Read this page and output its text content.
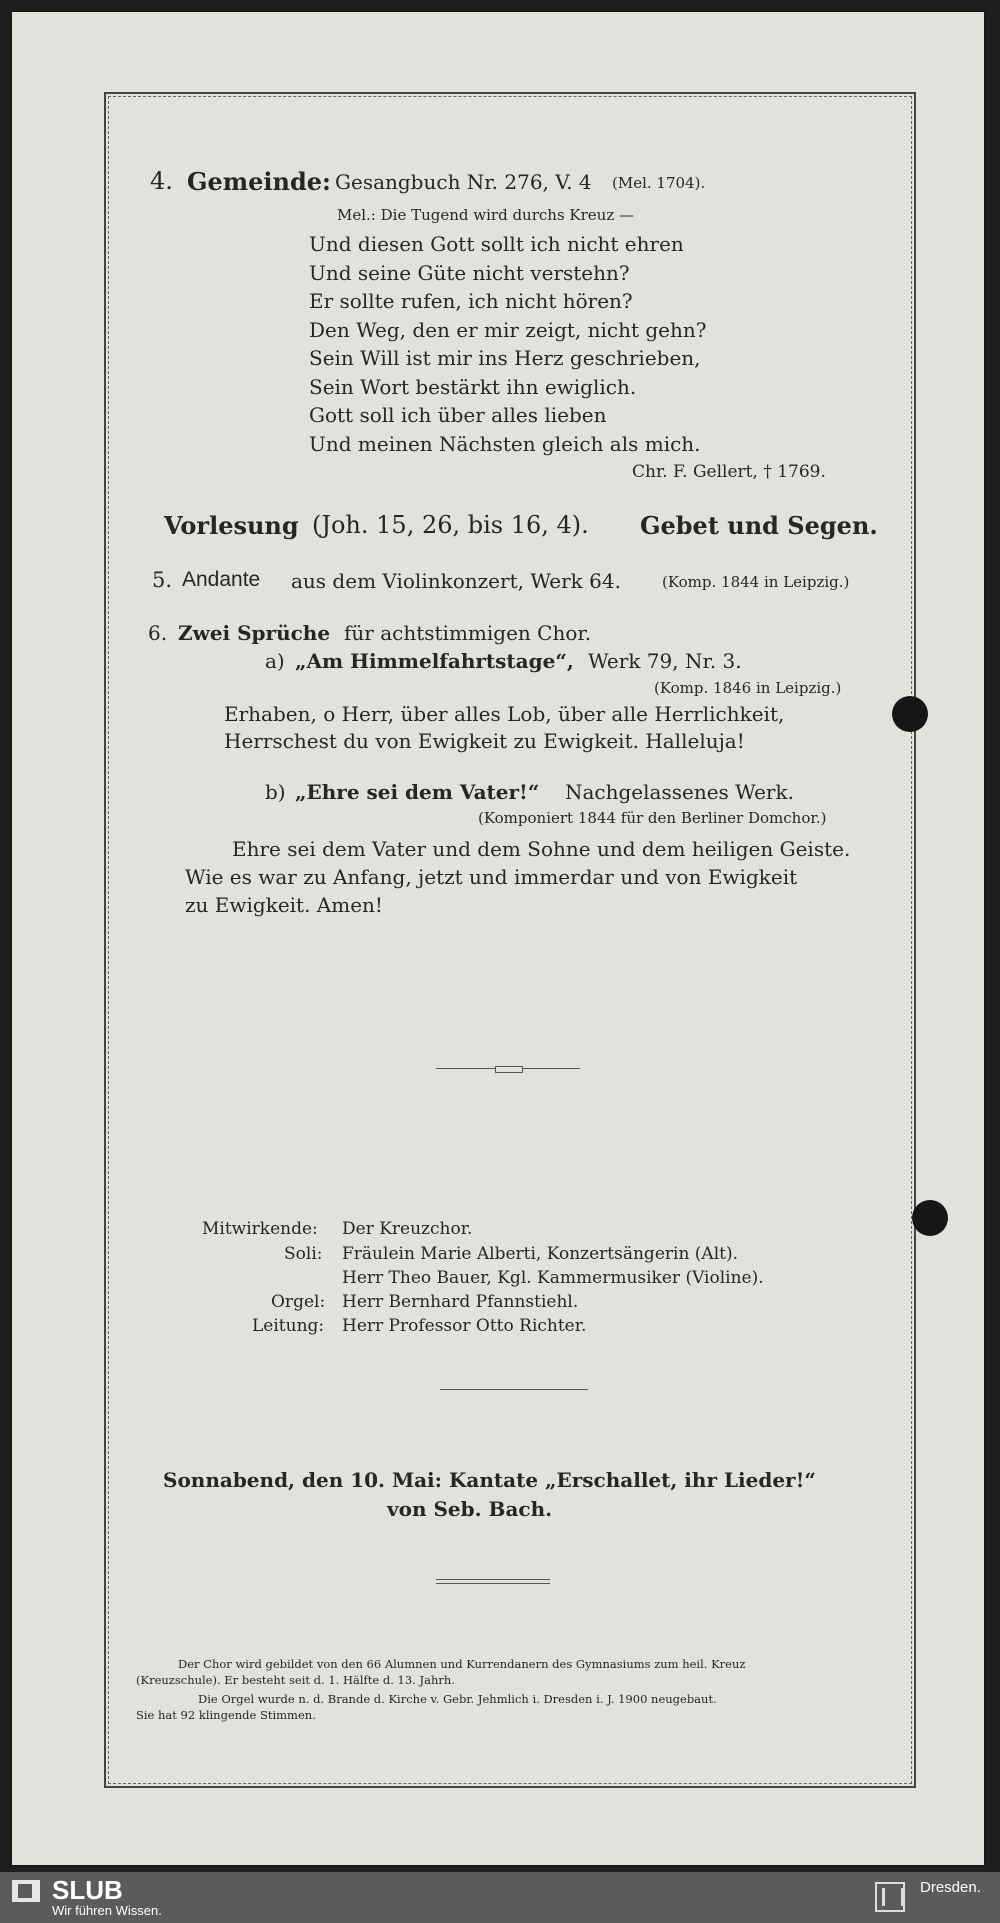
4. Gemeinde: Gesangbuch Nr. 276, V. 4 (Mel. 1704).

Mel.: Die Tugend wird durchs Kreuz —

Und diesen Gott sollt ich nicht ehren
Und seine Güte nicht verstehn?
Er sollte rufen, ich nicht hören?
Den Weg, den er mir zeigt, nicht gehn?
Sein Will ist mir ins Herz geschrieben,
Sein Wort bestärkt ihn ewiglich.
Gott soll ich über alles lieben
Und meinen Nächsten gleich als mich.

Chr. F. Gellert, † 1769.

Vorlesung (Joh. 15, 26, bis 16, 4). Gebet und Segen.

5. Andante aus dem Violinkonzert, Werk 64.	(Komp. 1844 in Leipzig.)

6. Zwei Sprüche für achtstimmigen Chor.

a) „Am Himmelfahrtstage“, Werk 79, Nr. 3.

(Komp. 1846 in Leipzig.)

Erhaben, o Herr, über alles Lob, über alle Herrlichkeit,

Herrschest du von Ewigkeit zu Ewigkeit. Halleluja!

b) „Ehre sei dem Vater!“ Nachgelassenes Werk.

(Komponiert 1844 für den Berliner Domchor.)

Ehre sei dem Vater und dem Sohne und dem heiligen Geiste.

Wie es war zu Anfang, jetzt und immerdar und von Ewigkeit

zu Ewigkeit. Amen!

Mitwirkende: Der Kreuzchor.

Soli: Fräulein Marie Alberti, Konzertsängerin (Alt).

Herr Theo Bauer, Kgl. Kammermusiker (Violine).

Orgel: Herr Bernhard Pfannstiehl.

Leitung: Herr Professor Otto Richter.

Sonnabend, den 10. Mai: Kantate „Erschallet, ihr Lieder!“

von Seb. Bach.

Der Chor wird gebildet von den 66 Alumnen und Kurrendanern des Gymnasiums zum heil. Kreuz

(Kreuzschule). Er besteht seit d. 1. Hälfte d. 13. Jahrh.

Die Orgel wurde n. d. Brande d. Kirche v. Gebr. Jehmlich i. Dresden i. J. 1900 neugebaut.

Sie hat 92 klingende Stimmen.

SLUB
Wir führen Wissen.
Dresden.
